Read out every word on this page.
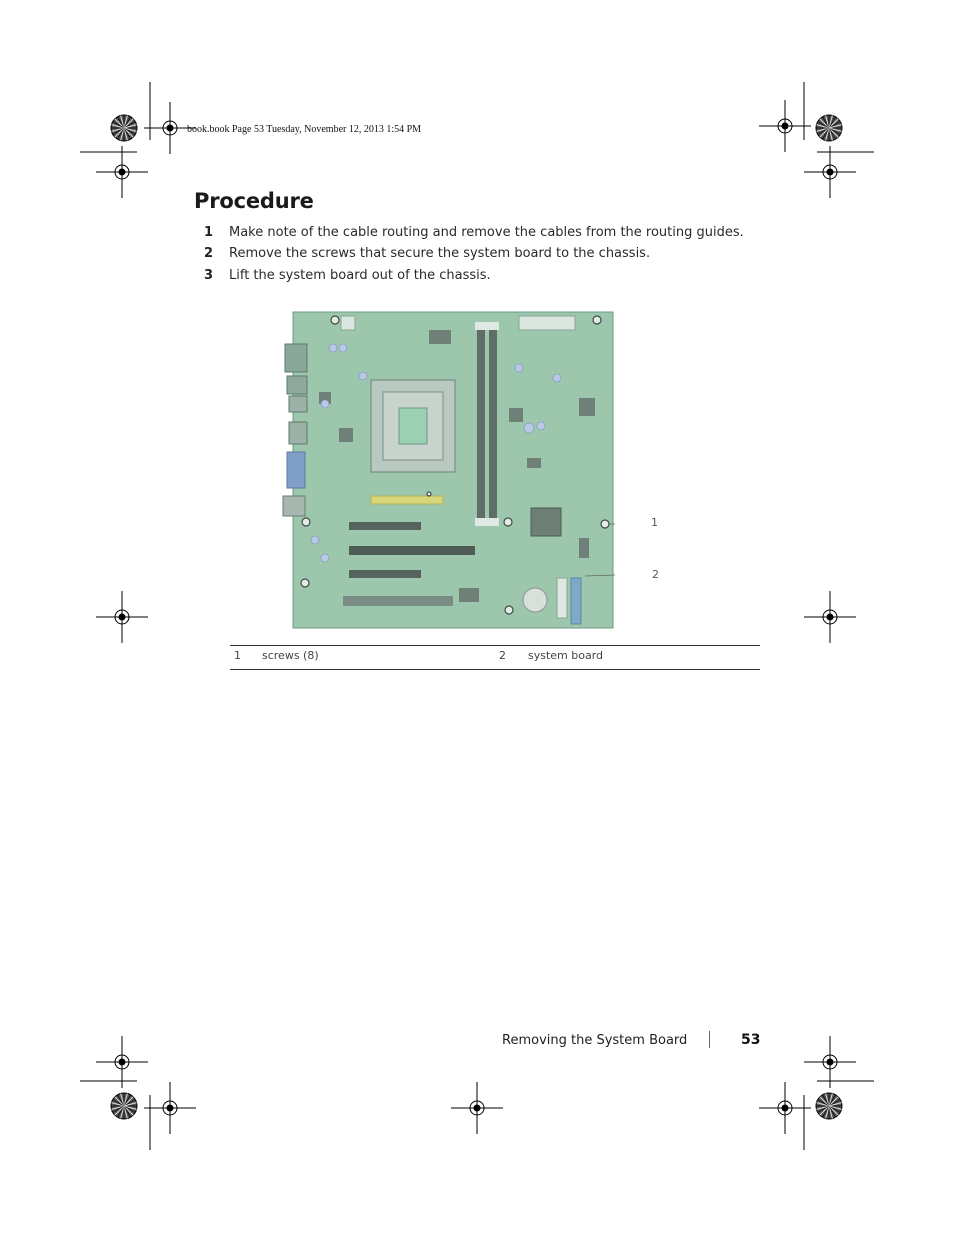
book.book Page 53 Tuesday, November 12, 2013 1:54 PM
Procedure
1 Make note of the cable routing and remove the cables from the routing guides.
2 Remove the screws that secure the system board to the chassis.
3 Lift the system board out of the chassis.
1
2
1 screws (8)	2 system board
Removing the System Board	53
